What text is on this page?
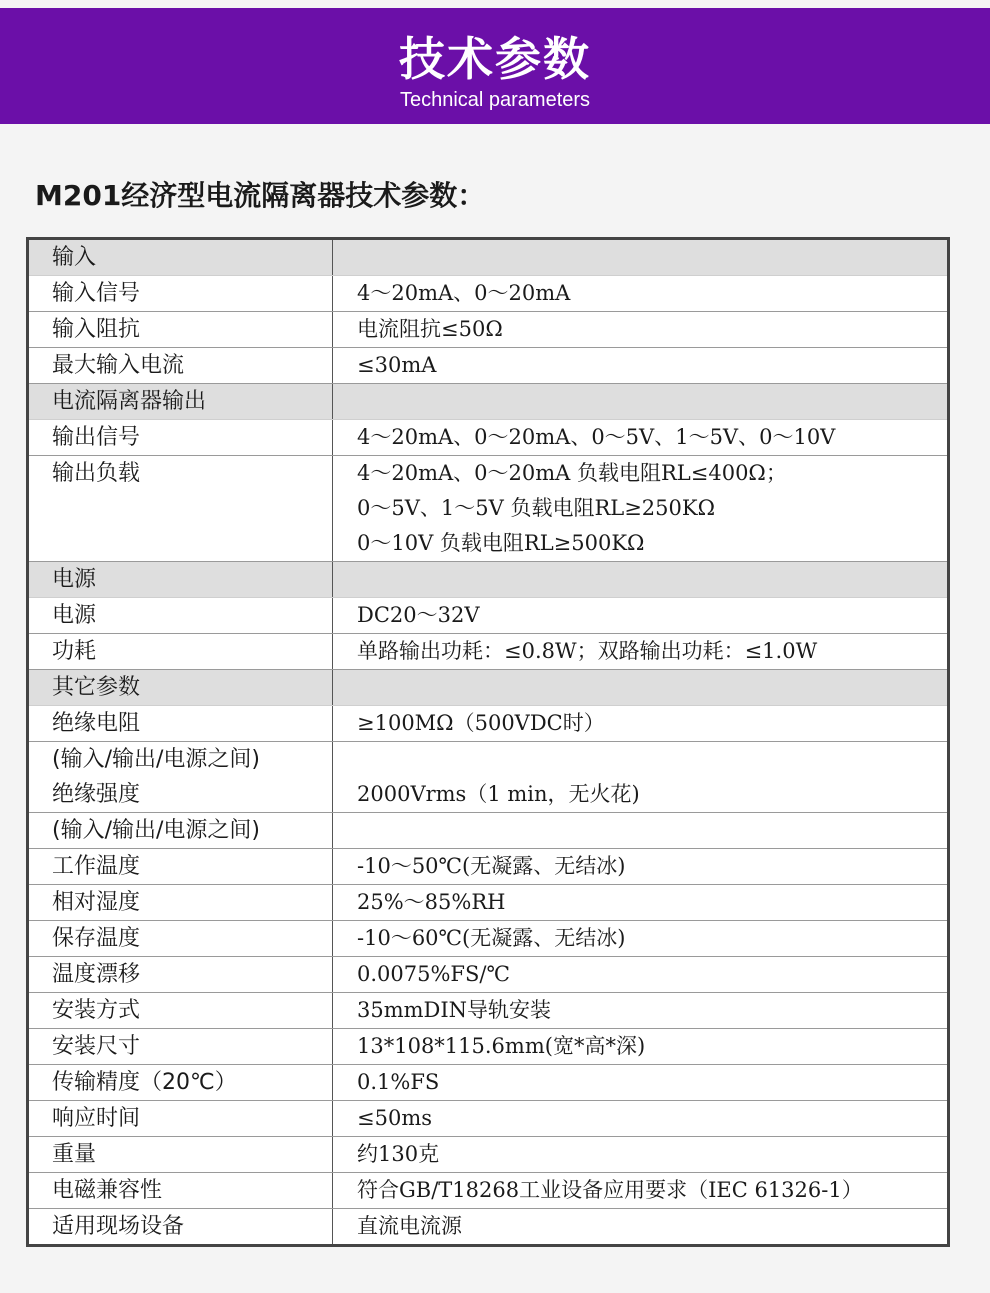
技术参数
Technical parameters
M201经济型电流隔离器技术参数：
输入

输入信号	4～20mA、0～20mA
输入阻抗	电流阻抗≤50Ω
最大输入电流	≤30mA
电流隔离器输出

输出信号	4～20mA、0～20mA、0～5V、1～5V、0～10V
输出负载	4～20mA、0～20mA 负载电阻RL≤400Ω；
0～5V、1～5V 负载电阻RL≥250KΩ
0～10V 负载电阻RL≥500KΩ
电源

电源	DC20～32V
功耗	单路输出功耗：≤0.8W；双路输出功耗：≤1.0W
其它参数

绝缘电阻	≥100MΩ（500VDC时）
(输入/输出/电源之间)

绝缘强度	2000Vrms（1 min，无火花)
(输入/输出/电源之间)

工作温度	-10～50℃(无凝露、无结冰)
相对湿度	25%～85%RH
保存温度	-10～60℃(无凝露、无结冰)
温度漂移	0.0075%FS/℃
安装方式	35mmDIN导轨安装
安装尺寸	13*108*115.6mm(宽*高*深)
传输精度（20℃）	0.1%FS
响应时间	≤50ms
重量	约130克
电磁兼容性	符合GB/T18268工业设备应用要求（IEC 61326-1）
适用现场设备	直流电流源
